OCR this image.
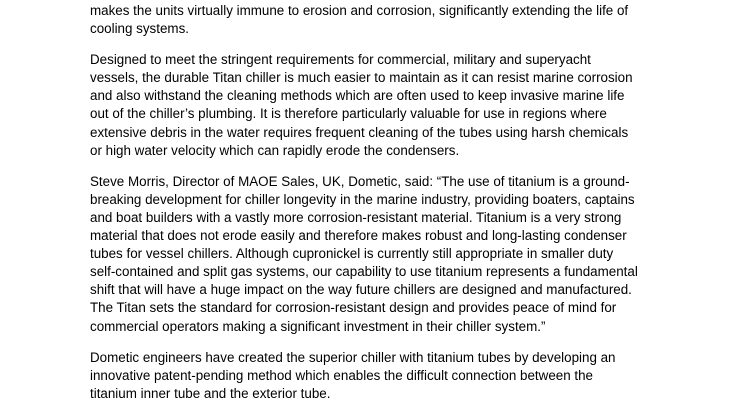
makes the units virtually immune to erosion and corrosion, significantly extending the life of
cooling systems.

Designed to meet the stringent requirements for commercial, military and superyacht
vessels, the durable Titan chiller is much easier to maintain as it can resist marine corrosion
and also withstand the cleaning methods which are often used to keep invasive marine life
out of the chiller’s plumbing. It is therefore particularly valuable for use in regions where
extensive debris in the water requires frequent cleaning of the tubes using harsh chemicals
or high water velocity which can rapidly erode the condensers.

Steve Morris, Director of MAOE Sales, UK, Dometic, said: “The use of titanium is a ground-
breaking development for chiller longevity in the marine industry, providing boaters, captains
and boat builders with a vastly more corrosion-resistant material. Titanium is a very strong
material that does not erode easily and therefore makes robust and long-lasting condenser
tubes for vessel chillers. Although cupronickel is currently still appropriate in smaller duty
self-contained and split gas systems, our capability to use titanium represents a fundamental
shift that will have a huge impact on the way future chillers are designed and manufactured.
The Titan sets the standard for corrosion-resistant design and provides peace of mind for
commercial operators making a significant investment in their chiller system.”

Dometic engineers have created the superior chiller with titanium tubes by developing an
innovative patent-pending method which enables the difficult connection between the
titanium inner tube and the exterior tube.
